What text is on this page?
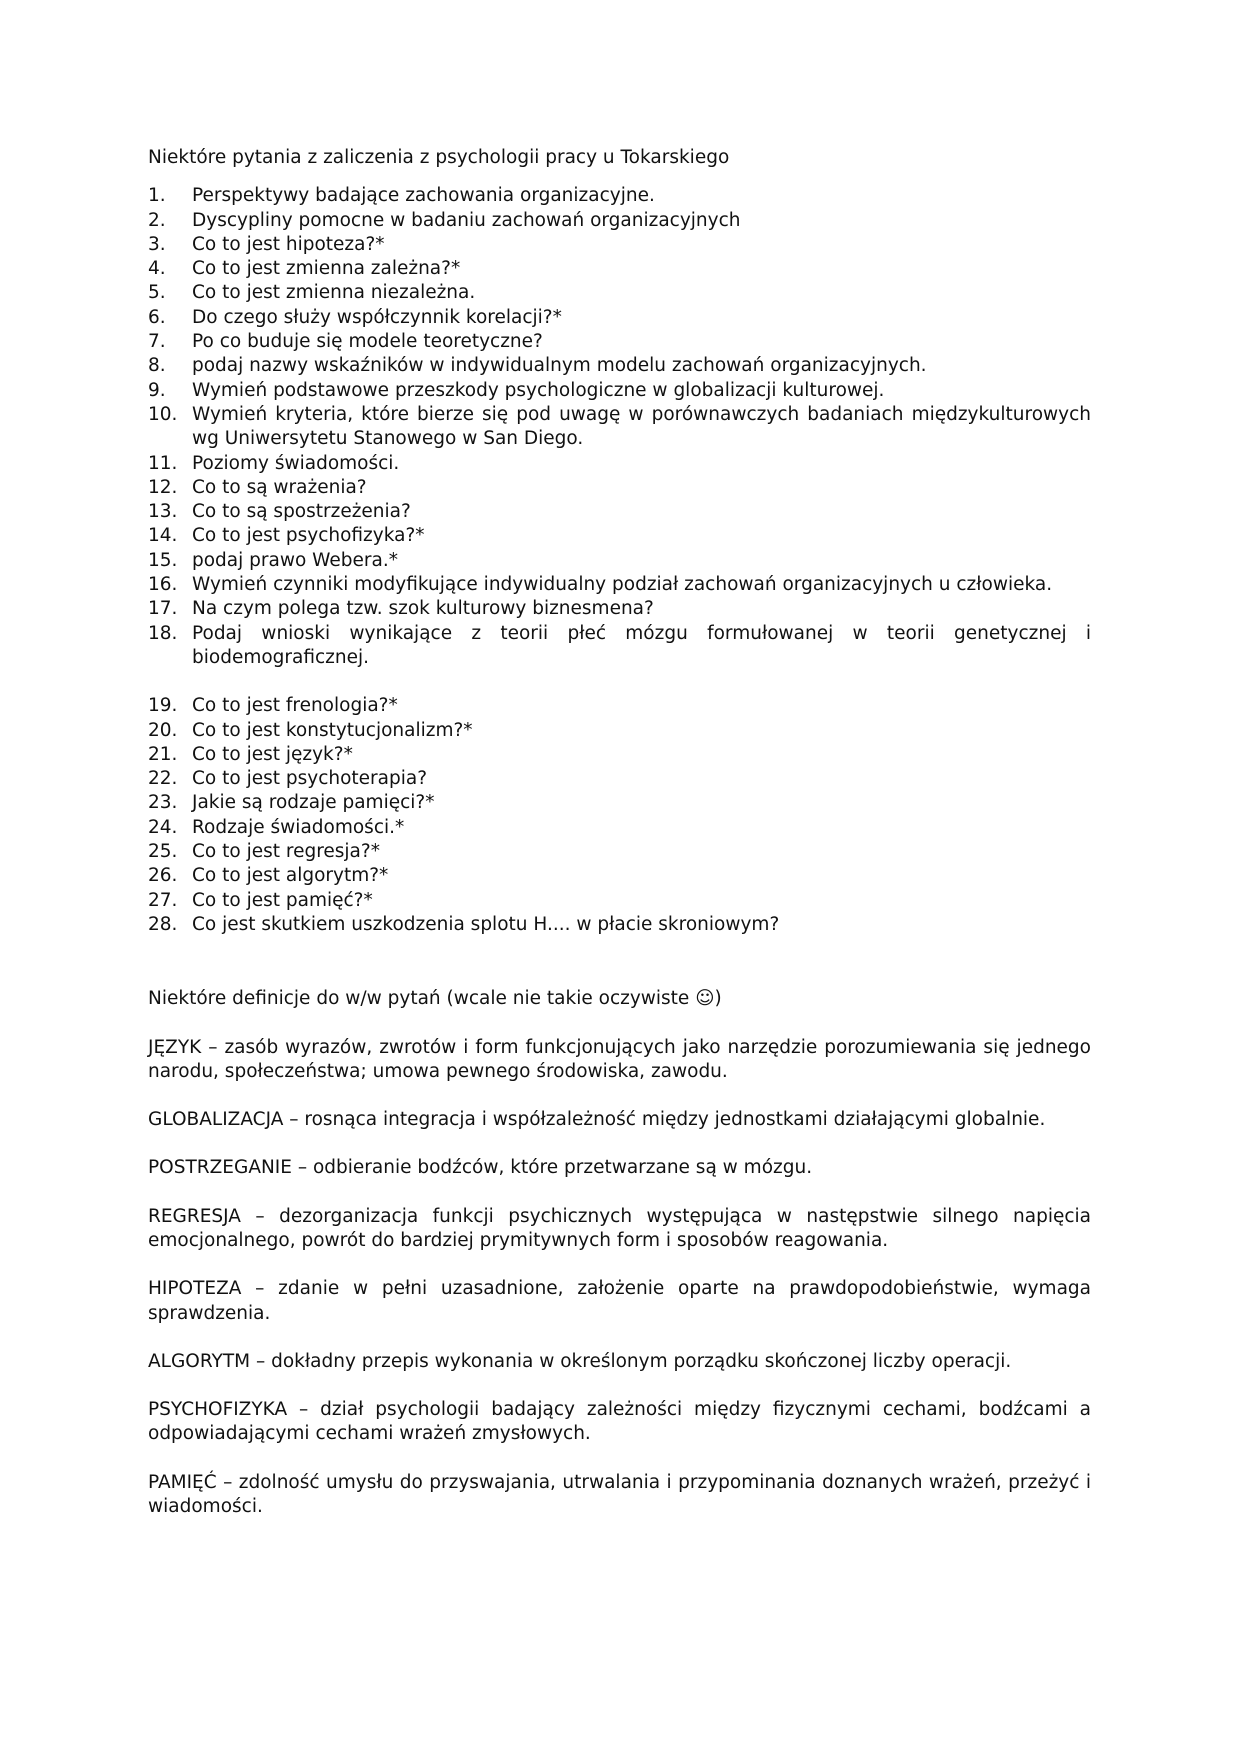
Niektóre pytania z zaliczenia z psychologii pracy u Tokarskiego

1.	Perspektywy badające zachowania organizacyjne.
2.	Dyscypliny pomocne w badaniu zachowań organizacyjnych
3.	Co to jest hipoteza?*
4.	Co to jest zmienna zależna?*
5.	Co to jest zmienna niezależna.
6.	Do czego służy współczynnik korelacji?*
7.	Po co buduje się modele teoretyczne?
8.	podaj nazwy wskaźników w indywidualnym modelu zachowań organizacyjnych.
9.	Wymień podstawowe przeszkody psychologiczne w globalizacji kulturowej.
10. Wymień kryteria, które bierze się pod uwagę w porównawczych badaniach międzykulturowych wg Uniwersytetu Stanowego w San Diego.
11. Poziomy świadomości.
12. Co to są wrażenia?
13. Co to są spostrzeżenia?
14. Co to jest psychofizyka?*
15. podaj prawo Webera.*
16. Wymień czynniki modyfikujące indywidualny podział zachowań organizacyjnych u człowieka.
17. Na czym polega tzw. szok kulturowy biznesmena?
18. Podaj wnioski wynikające z teorii płeć mózgu formułowanej w teorii genetycznej i biodemograficznej.
19. Co to jest frenologia?*
20. Co to jest konstytucjonalizm?*
21. Co to jest język?*
22. Co to jest psychoterapia?
23. Jakie są rodzaje pamięci?*
24. Rodzaje świadomości.*
25. Co to jest regresja?*
26. Co to jest algorytm?*
27. Co to jest pamięć?*
28. Co jest skutkiem uszkodzenia splotu H.... w płacie skroniowym?

Niektóre definicje do w/w pytań (wcale nie takie oczywiste ☺)

JĘZYK – zasób wyrazów, zwrotów i form funkcjonujących jako narzędzie porozumiewania się jednego narodu, społeczeństwa; umowa pewnego środowiska, zawodu.

GLOBALIZACJA – rosnąca integracja i współzależność między jednostkami działającymi globalnie.

POSTRZEGANIE – odbieranie bodźców, które przetwarzane są w mózgu.

REGRESJA – dezorganizacja funkcji psychicznych występująca w następstwie silnego napięcia emocjonalnego, powrót do bardziej prymitywnych form i sposobów reagowania.

HIPOTEZA – zdanie w pełni uzasadnione, założenie oparte na prawdopodobieństwie, wymaga sprawdzenia.

ALGORYTM – dokładny przepis wykonania w określonym porządku skończonej liczby operacji.

PSYCHOFIZYKA – dział psychologii badający zależności między fizycznymi cechami, bodźcami a odpowiadającymi cechami wrażeń zmysłowych.

PAMIĘĆ – zdolność umysłu do przyswajania, utrwalania i przypominania doznanych wrażeń, przeżyć i wiadomości.
